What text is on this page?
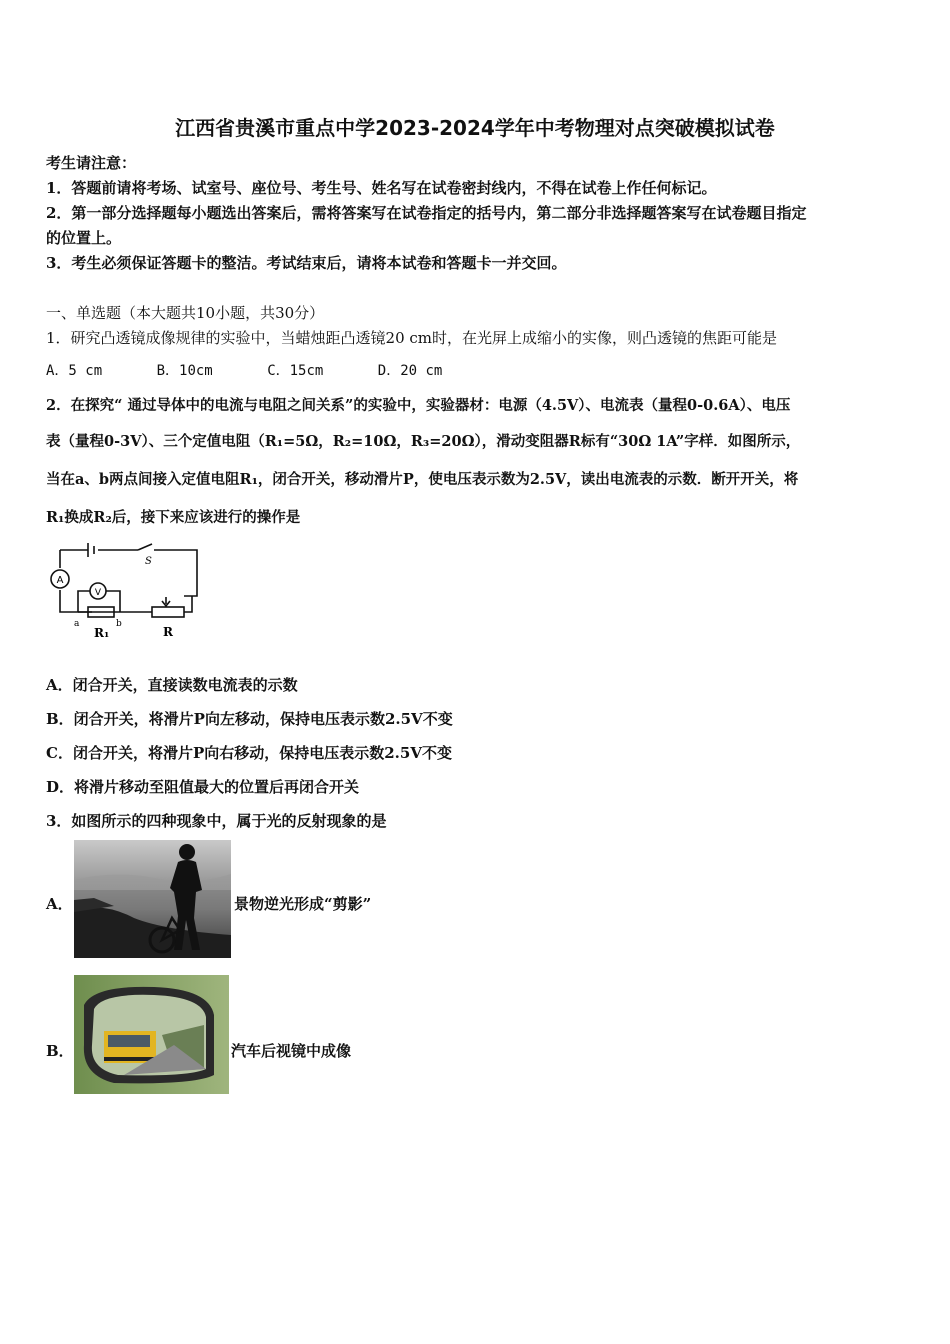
江西省贵溪市重点中学2023-2024学年中考物理对点突破模拟试卷
考生请注意：
1．答题前请将考场、试室号、座位号、考生号、姓名写在试卷密封线内，不得在试卷上作任何标记。
2．第一部分选择题每小题选出答案后，需将答案写在试卷指定的括号内，第二部分非选择题答案写在试卷题目指定
的位置上。
3．考生必须保证答题卡的整洁。考试结束后，请将本试卷和答题卡一并交回。
一、单选题（本大题共10小题，共30分）
1．研究凸透镜成像规律的实验中，当蜡烛距凸透镜20 cm时，在光屏上成缩小的实像，则凸透镜的焦距可能是
A．5 cm	B．10cm	C．15cm	D．20 cm
2．在探究“ 通过导体中的电流与电阻之间关系”的实验中，实验器材：电源（4.5V）、电流表（量程0-0.6A）、电压
表（量程0-3V）、三个定值电阻（R₁=5Ω，R₂=10Ω，R₃=20Ω），滑动变阻器R标有“30Ω 1A”字样．如图所示，
当在a、b两点间接入定值电阻R₁，闭合开关，移动滑片P，使电压表示数为2.5V，读出电流表的示数．断开开关，将
R₁换成R₂后，接下来应该进行的操作是
A
V
S
a	b
R₁	R
A．闭合开关，直接读数电流表的示数
B．闭合开关，将滑片P向左移动，保持电压表示数2.5V不变
C．闭合开关，将滑片P向右移动，保持电压表示数2.5V不变
D．将滑片移动至阻值最大的位置后再闭合开关
3．如图所示的四种现象中，属于光的反射现象的是
A．	景物逆光形成“剪影”
B．	汽车后视镜中成像
